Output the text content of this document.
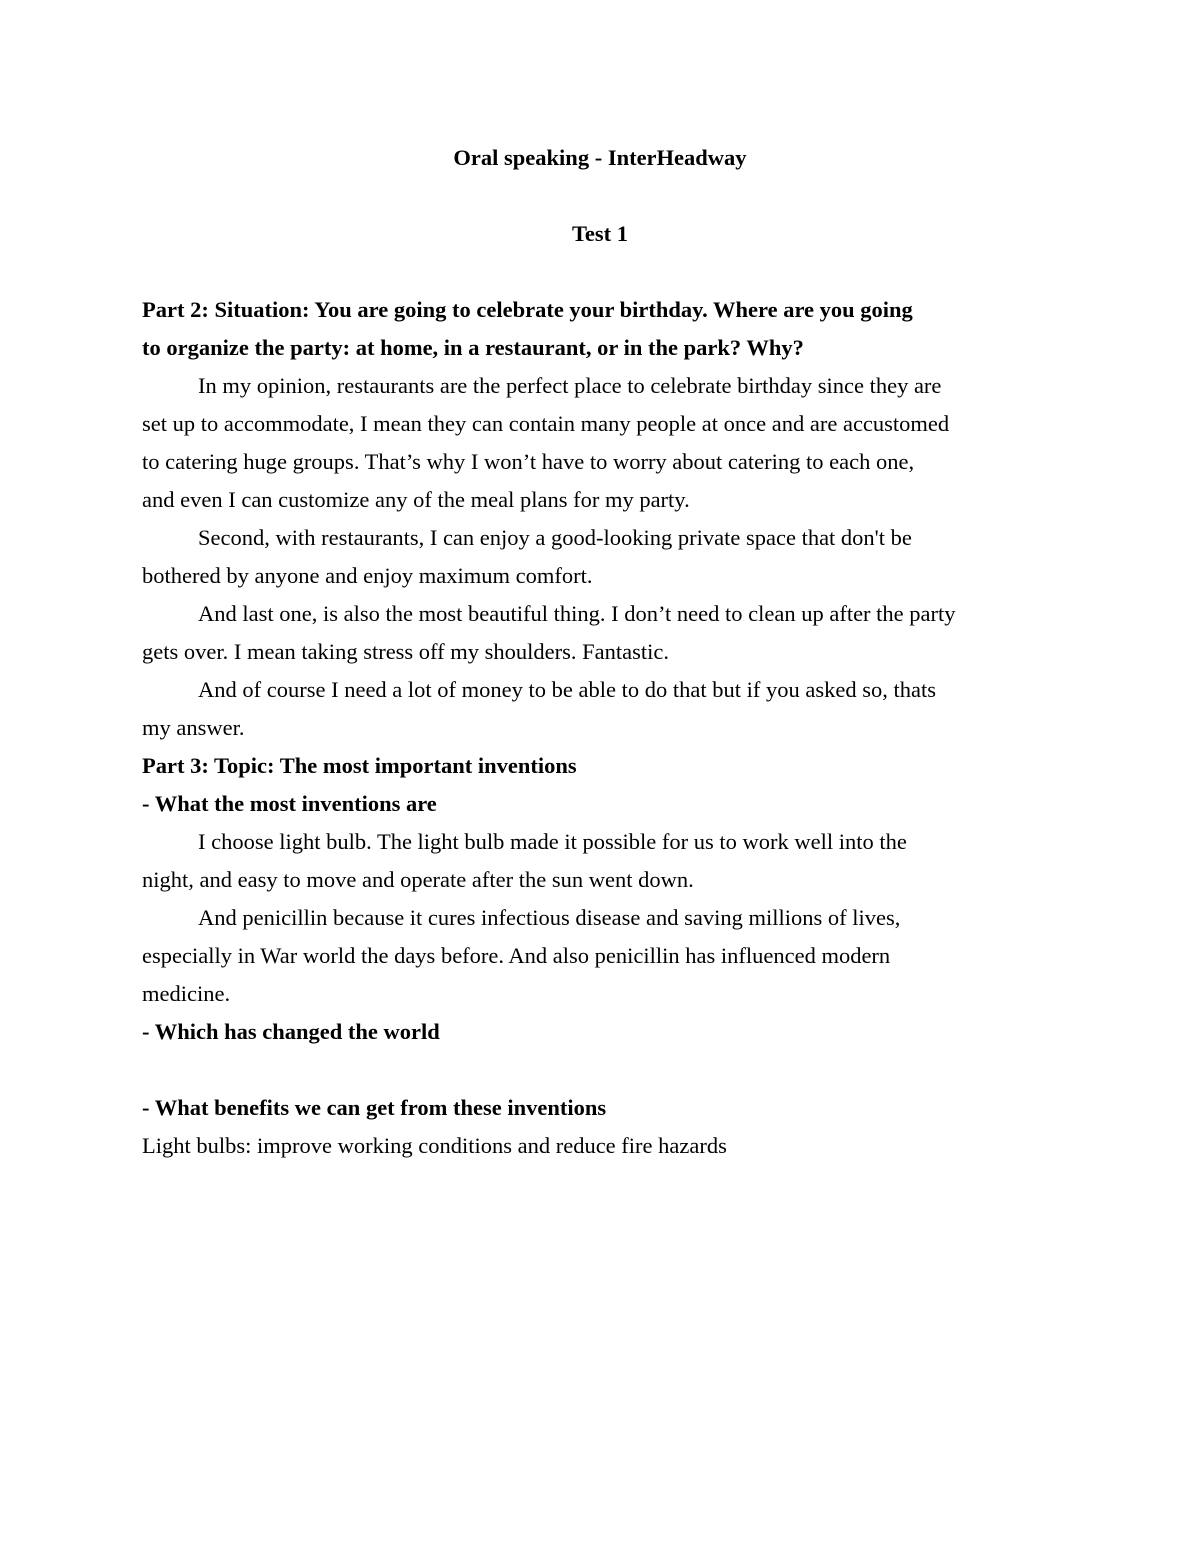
Oral speaking - InterHeadway
Test 1
Part 2: Situation: You are going to celebrate your birthday. Where are you going
to organize the party: at home, in a restaurant, or in the park? Why?
In my opinion, restaurants are the perfect place to celebrate birthday since they are
set up to accommodate, I mean they can contain many people at once and are accustomed
to catering huge groups. That’s why I won’t have to worry about catering to each one,
and even I can customize any of the meal plans for my party.
Second, with restaurants, I can enjoy a good-looking private space that don't be
bothered by anyone and enjoy maximum comfort.
And last one, is also the most beautiful thing. I don’t need to clean up after the party
gets over. I mean taking stress off my shoulders. Fantastic.
And of course I need a lot of money to be able to do that but if you asked so, thats
my answer.
Part 3: Topic: The most important inventions
- What the most inventions are
I choose light bulb. The light bulb made it possible for us to work well into the
night, and easy to move and operate after the sun went down.
And penicillin because it cures infectious disease and saving millions of lives,
especially in War world the days before. And also penicillin has influenced modern
medicine.
- Which has changed the world
- What benefits we can get from these inventions
Light bulbs: improve working conditions and reduce fire hazards
